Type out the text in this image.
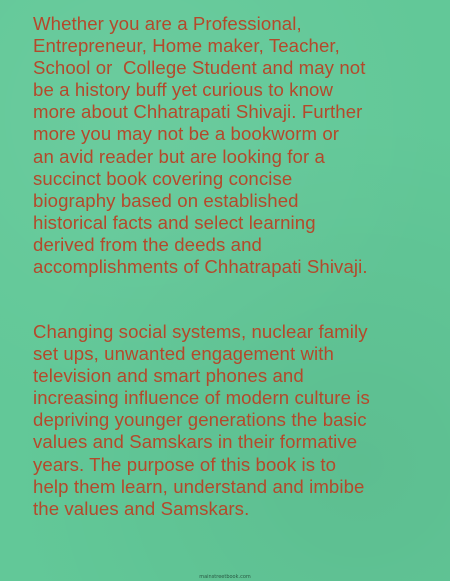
Whether you are a Professional,
Entrepreneur, Home maker, Teacher,
School or  College Student and may not
be a history buff yet curious to know
more about Chhatrapati Shivaji. Further
more you may not be a bookworm or
an avid reader but are looking for a
succinct book covering concise
biography based on established
historical facts and select learning
derived from the deeds and
accomplishments of Chhatrapati Shivaji.

Changing social systems, nuclear family
set ups, unwanted engagement with
television and smart phones and
increasing influence of modern culture is
depriving younger generations the basic
values and Samskars in their formative
years. The purpose of this book is to
help them learn, understand and imbibe
the values and Samskars.

mainstreetbook.com
